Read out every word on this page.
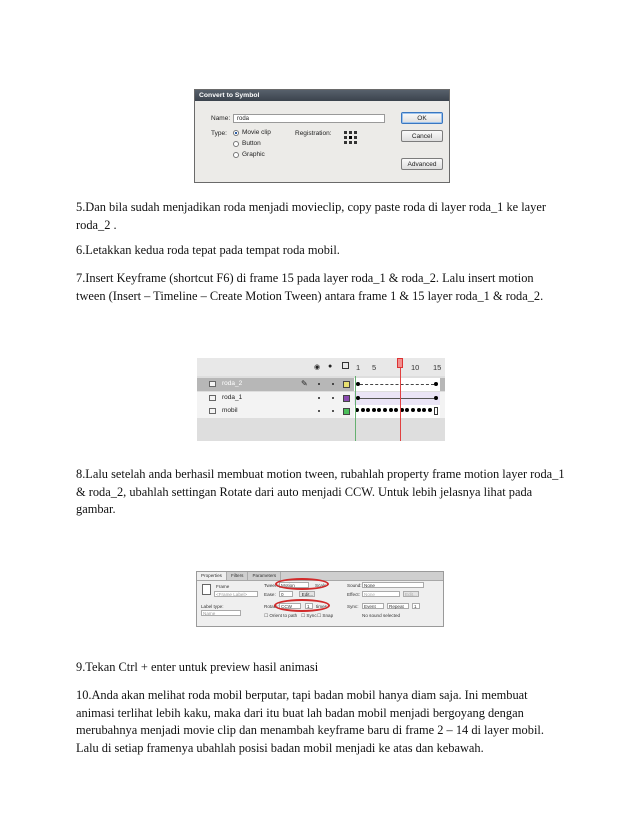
Convert to Symbol
Name:	roda
Type: Movie clip
Button
Graphic
Registration:
OK
Cancel
Advanced

5.Dan bila sudah menjadikan roda menjadi movieclip, copy paste roda di layer roda_1 ke layer roda_2 .

6.Letakkan kedua roda tepat pada tempat roda mobil.

7.Insert Keyframe (shortcut F6) di frame 15 pada layer roda_1 & roda_2. Lalu insert motion tween (Insert – Timeline – Create Motion Tween) antara frame 1 & 15 layer roda_1 & roda_2.

◉ ●	1 5	10 15
roda_2	✎
roda_1
mobil

8.Lalu setelah anda berhasil membuat motion tween, rubahlah property frame motion layer roda_1 & roda_2, ubahlah settingan Rotate dari auto menjadi CCW. Untuk lebih jelasnya lihat pada gambar.

Properties	Filters	Parameters
Frame
<Frame Label>
Label type:
Name
Tween: Motion	Scale
Ease:	0	Edit...
Rotate: CCW	1	times
☐ Orient to path ☐ Sync ☐ Snap
Sound: None
Effect: None	Edit...
Sync:	Event	Repeat	1
No sound selected

9.Tekan Ctrl + enter untuk preview hasil animasi

10.Anda akan melihat roda mobil berputar, tapi badan mobil hanya diam saja. Ini membuat animasi terlihat lebih kaku, maka dari itu buat lah badan mobil menjadi bergoyang dengan merubahnya menjadi movie clip dan menambah keyframe baru di frame 2 – 14 di layer mobil. Lalu di setiap framenya ubahlah posisi badan mobil menjadi ke atas dan kebawah.
